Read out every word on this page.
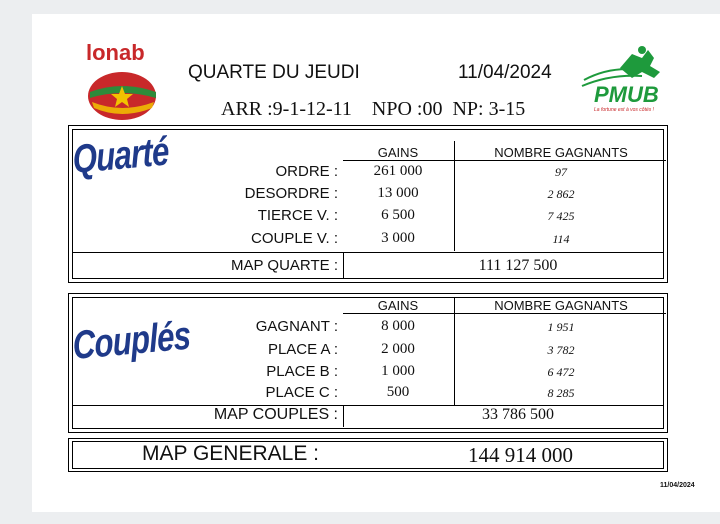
lonab
QUARTE DU JEUDI	11/04/2024
ARR :9-1-12-11    NPO :00  NP: 3-15
PMUB
La fortune est à vos côtés !
Quarté	GAINS	NOMBRE GAGNANTS
ORDRE :	261 000	97
DESORDRE :	13 000	2 862
TIERCE V. :	6 500	7 425
COUPLE V. :	3 000	114
MAP QUARTE :	111 127 500
Couplés
GAINS	NOMBRE GAGNANTS
GAGNANT :	8 000	1 951
PLACE A :	2 000	3 782
PLACE B :	1 000	6 472
PLACE C :	500	8 285
MAP COUPLES :	33 786 500
MAP GENERALE :	144 914 000
11/04/2024
